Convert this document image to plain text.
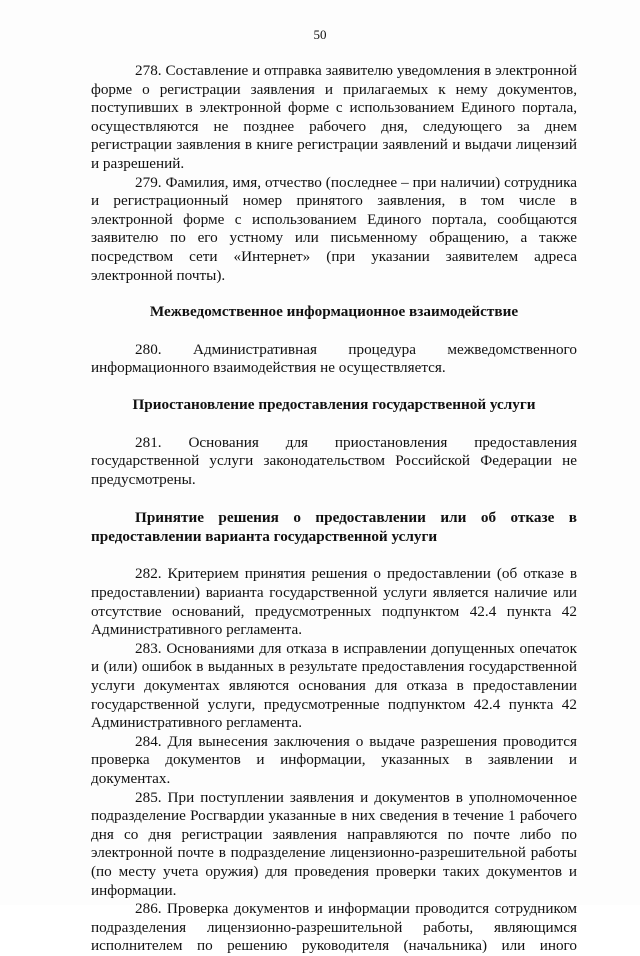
50

278. Составление и отправка заявителю уведомления в электронной форме о регистрации заявления и прилагаемых к нему документов, поступивших в электронной форме с использованием Единого портала, осуществляются не позднее рабочего дня, следующего за днем регистрации заявления в книге регистрации заявлений и выдачи лицензий и разрешений.

279. Фамилия, имя, отчество (последнее – при наличии) сотрудника и регистрационный номер принятого заявления, в том числе в электронной форме с использованием Единого портала, сообщаются заявителю по его устному или письменному обращению, а также посредством сети «Интернет» (при указании заявителем адреса электронной почты).

Межведомственное информационное взаимодействие

280. Административная процедура межведомственного информационного взаимодействия не осуществляется.

Приостановление предоставления государственной услуги

281. Основания для приостановления предоставления государственной услуги законодательством Российской Федерации не предусмотрены.

Принятие решения о предоставлении или об отказе в предоставлении варианта государственной услуги

282. Критерием принятия решения о предоставлении (об отказе в предоставлении) варианта государственной услуги является наличие или отсутствие оснований, предусмотренных подпунктом 42.4 пункта 42 Административного регламента.

283. Основаниями для отказа в исправлении допущенных опечаток и (или) ошибок в выданных в результате предоставления государственной услуги документах являются основания для отказа в предоставлении государственной услуги, предусмотренные подпунктом 42.4 пункта 42 Административного регламента.

284. Для вынесения заключения о выдаче разрешения проводится проверка документов и информации, указанных в заявлении и документах.

285. При поступлении заявления и документов в уполномоченное подразделение Росгвардии указанные в них сведения в течение 1 рабочего дня со дня регистрации заявления направляются по почте либо по электронной почте в подразделение лицензионно-разрешительной работы (по месту учета оружия) для проведения проверки таких документов и информации.

286. Проверка документов и информации проводится сотрудником подразделения лицензионно-разрешительной работы, являющимся исполнителем по решению руководителя (начальника) или иного
